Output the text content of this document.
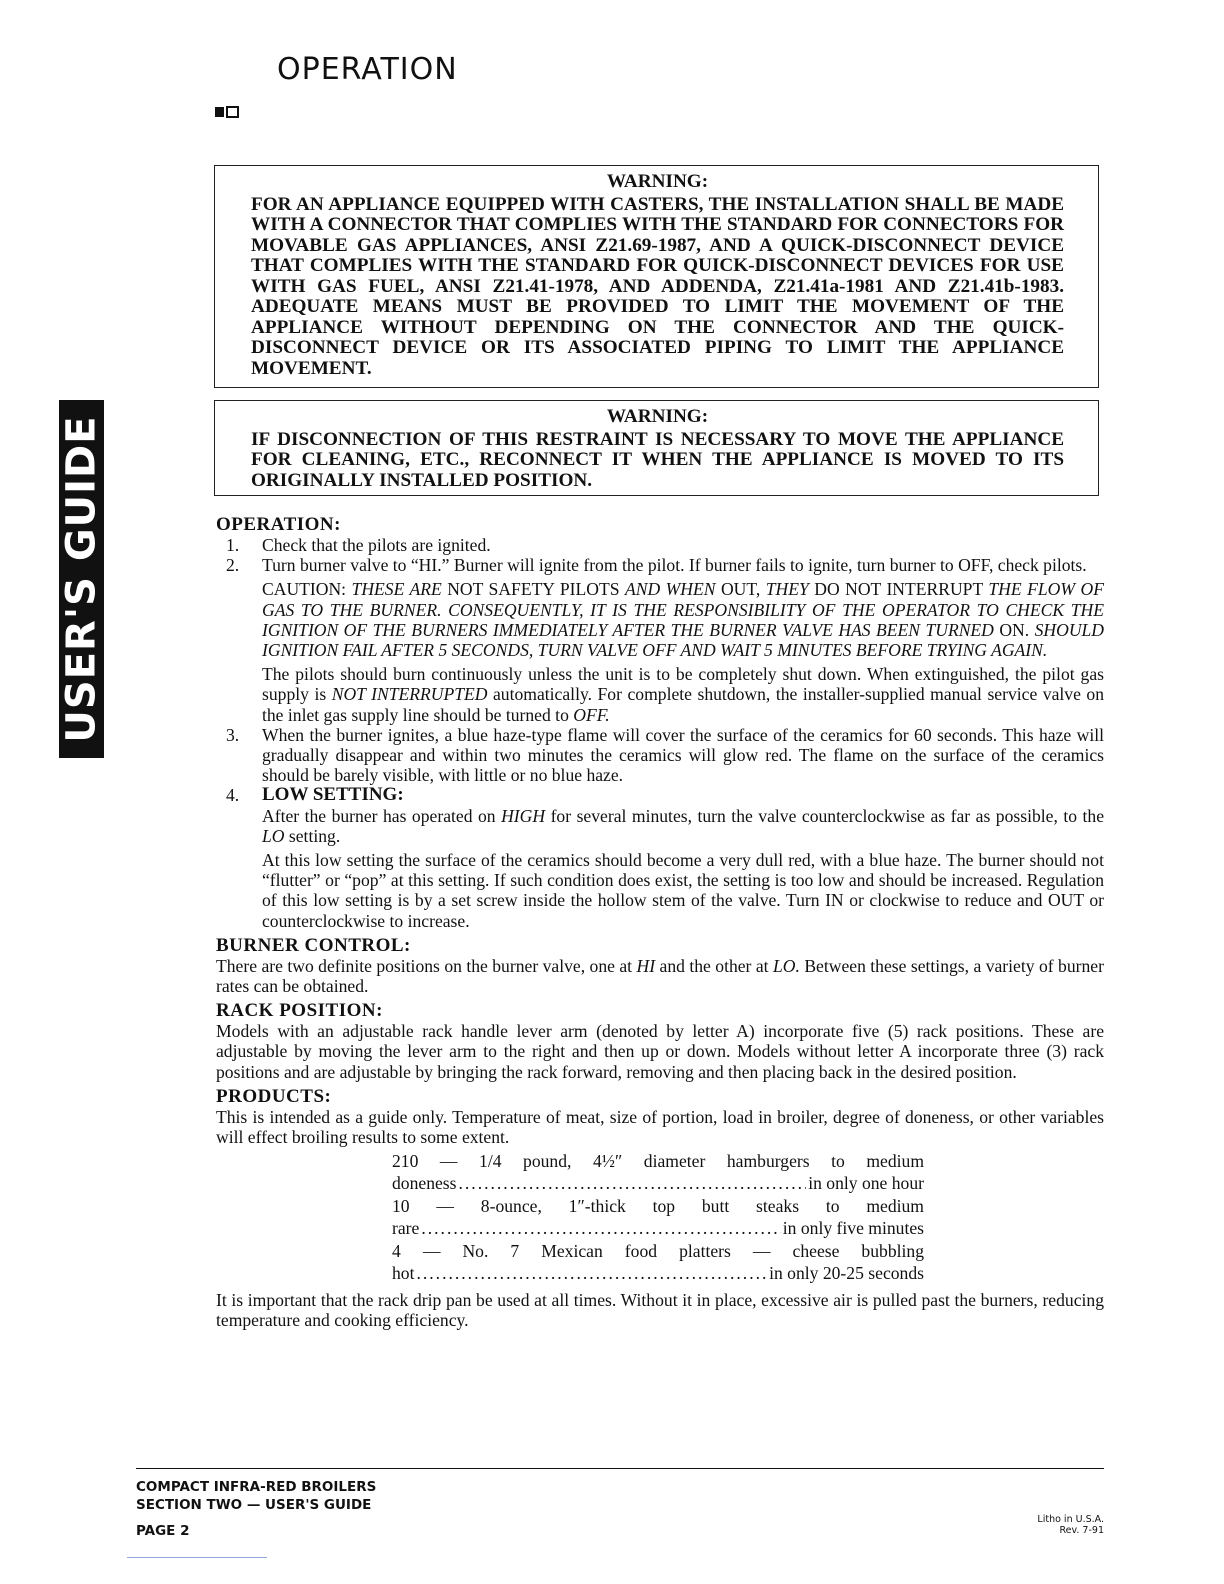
OPERATION
USER'S GUIDE

WARNING:

FOR AN APPLIANCE EQUIPPED WITH CASTERS, THE INSTALLATION SHALL BE MADE WITH A CONNECTOR THAT COMPLIES WITH THE STANDARD FOR CONNECTORS FOR MOVABLE GAS APPLIANCES, ANSI Z21.69-1987, AND A QUICK-DISCONNECT DEVICE THAT COMPLIES WITH THE STANDARD FOR QUICK-DISCONNECT DEVICES FOR USE WITH GAS FUEL, ANSI Z21.41-1978, AND ADDENDA, Z21.41a-1981 AND Z21.41b-1983. ADEQUATE MEANS MUST BE PROVIDED TO LIMIT THE MOVEMENT OF THE APPLIANCE WITHOUT DEPENDING ON THE CONNECTOR AND THE QUICK-DISCONNECT DEVICE OR ITS ASSOCIATED PIPING TO LIMIT THE APPLIANCE MOVEMENT.

WARNING:

IF DISCONNECTION OF THIS RESTRAINT IS NECESSARY TO MOVE THE APPLIANCE FOR CLEANING, ETC., RECONNECT IT WHEN THE APPLIANCE IS MOVED TO ITS ORIGINALLY INSTALLED POSITION.

OPERATION:
1. Check that the pilots are ignited.

2. Turn burner valve to “HI.” Burner will ignite from the pilot. If burner fails to ignite, turn burner to OFF, check pilots.

CAUTION: THESE ARE NOT SAFETY PILOTS AND WHEN OUT, THEY DO NOT INTERRUPT THE FLOW OF GAS TO THE BURNER. CONSEQUENTLY, IT IS THE RESPONSIBILITY OF THE OPERATOR TO CHECK THE IGNITION OF THE BURNERS IMMEDIATELY AFTER THE BURNER VALVE HAS BEEN TURNED ON. SHOULD IGNITION FAIL AFTER 5 SECONDS, TURN VALVE OFF AND WAIT 5 MINUTES BEFORE TRYING AGAIN.

The pilots should burn continuously unless the unit is to be completely shut down. When extinguished, the pilot gas supply is NOT INTERRUPTED automatically. For complete shutdown, the installer-supplied manual service valve on the inlet gas supply line should be turned to OFF.

3. When the burner ignites, a blue haze-type flame will cover the surface of the ceramics for 60 seconds. This haze will gradually disappear and within two minutes the ceramics will glow red. The flame on the surface of the ceramics should be barely visible, with little or no blue haze.

4. LOW SETTING:

After the burner has operated on HIGH for several minutes, turn the valve counterclockwise as far as possible, to the LO setting.

At this low setting the surface of the ceramics should become a very dull red, with a blue haze. The burner should not “flutter” or “pop” at this setting. If such condition does exist, the setting is too low and should be increased. Regulation of this low setting is by a set screw inside the hollow stem of the valve. Turn IN or clockwise to reduce and OUT or counterclockwise to increase.

BURNER CONTROL:

There are two definite positions on the burner valve, one at HI and the other at LO. Between these settings, a variety of burner rates can be obtained.

RACK POSITION:

Models with an adjustable rack handle lever arm (denoted by letter A) incorporate five (5) rack positions. These are adjustable by moving the lever arm to the right and then up or down. Models without letter A incorporate three (3) rack positions and are adjustable by bringing the rack forward, removing and then placing back in the desired position.

PRODUCTS:

This is intended as a guide only. Temperature of meat, size of portion, load in broiler, degree of doneness, or other variables will effect broiling results to some extent.

210 — 1/4 pound, 4½″ diameter hamburgers to medium
doneness .....	in only one hour
10 — 8-ounce, 1″-thick top butt steaks to medium
rare .....	in only five minutes
4 — No. 7 Mexican food platters — cheese bubbling
hot .....	in only 20-25 seconds

It is important that the rack drip pan be used at all times. Without it in place, excessive air is pulled past the burners, reducing temperature and cooking efficiency.

COMPACT INFRA-RED BROILERS
SECTION TWO — USER'S GUIDE
PAGE 2
Litho in U.S.A.
Rev. 7-91
